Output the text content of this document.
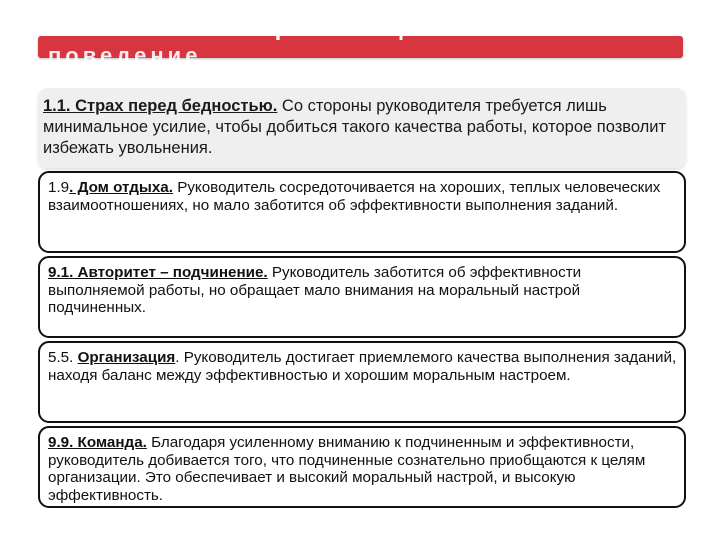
Тема №3.	Организационное
поведение
1.1. Страх перед бедностью. Со стороны руководителя требуется лишь минимальное усилие, чтобы добиться такого качества работы, которое позволит избежать увольнения.
1.9. Дом отдыха. Руководитель сосредоточивается на хороших, теплых человеческих взаимоотношениях, но мало заботится об эффективности выполнения заданий.
9.1. Авторитет – подчинение. Руководитель заботится об эффективности выполняемой работы, но обращает мало внимания на моральный настрой подчиненных.
5.5. Организация. Руководитель достигает приемлемого качества выполнения заданий, находя баланс между эффективностью и хорошим моральным настроем.
9.9. Команда. Благодаря усиленному вниманию к подчиненным и эффективности, руководитель добивается того, что подчиненные сознательно приобщаются к целям организации. Это обеспечивает и высокий моральный настрой, и высокую эффективность.
